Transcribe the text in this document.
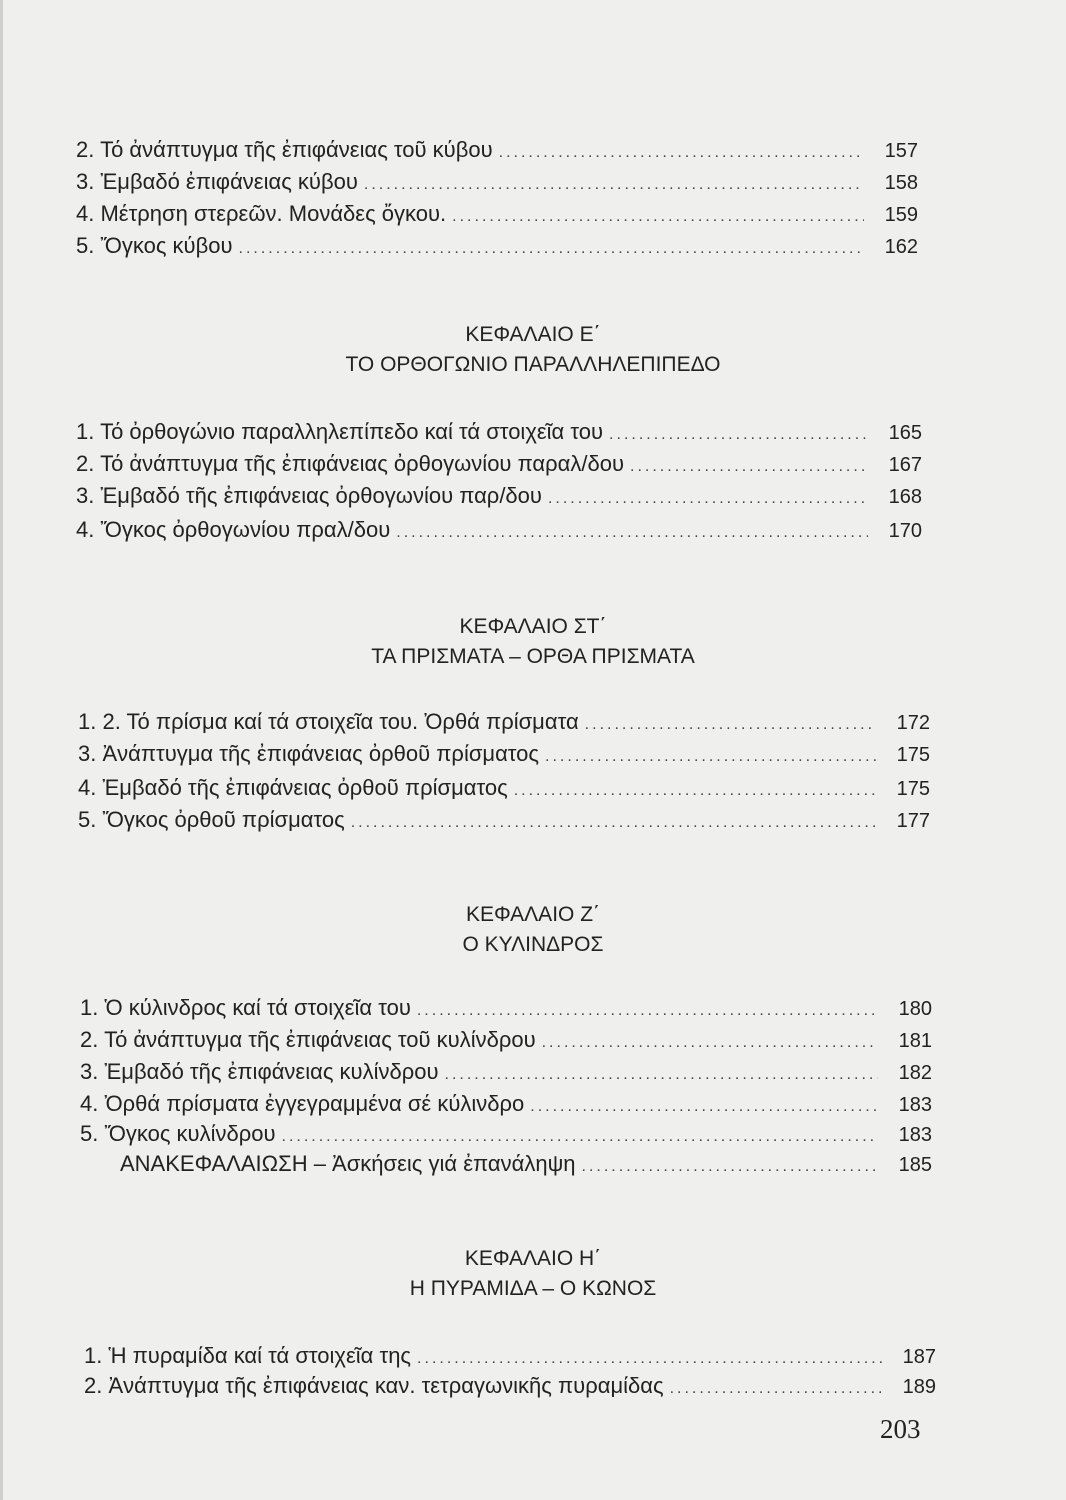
2. Τό ἀνάπτυγμα τῆς ἐπιφάνειας τοῦ κύβου .....	157
3. Ἐμβαδό ἐπιφάνειας κύβου .....	158
4. Μέτρηση στερεῶν. Μονάδες ὄγκου. .....	159
5. Ὄγκος κύβου .....	162
ΚΕΦΑΛΑΙΟ Ε΄
ΤΟ ΟΡΘΟΓΩΝΙΟ ΠΑΡΑΛΛΗΛΕΠΙΠΕΔΟ
1. Τό ὀρθογώνιο παραλληλεπίπεδο καί τά στοιχεῖα του .....	165
2. Τό ἀνάπτυγμα τῆς ἐπιφάνειας ὀρθογωνίου παραλ/δου .....	167
3. Ἐμβαδό τῆς ἐπιφάνειας ὀρθογωνίου παρ/δου .....	168
4. Ὄγκος ὀρθογωνίου πραλ/δου .....	170
ΚΕΦΑΛΑΙΟ ΣΤ΄
ΤΑ ΠΡΙΣΜΑΤΑ – ΟΡΘΑ ΠΡΙΣΜΑΤΑ
1. 2. Τό πρίσμα καί τά στοιχεῖα του. Ὀρθά πρίσματα .....	172
3. Ἀνάπτυγμα τῆς ἐπιφάνειας ὀρθοῦ πρίσματος .....	175
4. Ἐμβαδό τῆς ἐπιφάνειας ὀρθοῦ πρίσματος .....	175
5. Ὄγκος ὀρθοῦ πρίσματος .....	177
ΚΕΦΑΛΑΙΟ Ζ΄
Ο ΚΥΛΙΝΔΡΟΣ
1. Ὁ κύλινδρος καί τά στοιχεῖα του .....	180
2. Τό ἀνάπτυγμα τῆς ἐπιφάνειας τοῦ κυλίνδρου .....	181
3. Ἐμβαδό τῆς ἐπιφάνειας κυλίνδρου .....	182
4. Ὀρθά πρίσματα ἐγγεγραμμένα σέ κύλινδρο .....	183
5. Ὄγκος κυλίνδρου .....	183
ΑΝΑΚΕΦΑΛΑΙΩΣΗ – Ἀσκήσεις γιά ἐπανάληψη .....	185
ΚΕΦΑΛΑΙΟ Η΄
Η ΠΥΡΑΜΙΔΑ – Ο ΚΩΝΟΣ
1. Ἡ πυραμίδα καί τά στοιχεῖα της .....	187
2. Ἀνάπτυγμα τῆς ἐπιφάνειας καν. τετραγωνικῆς πυραμίδας .....	189
203
